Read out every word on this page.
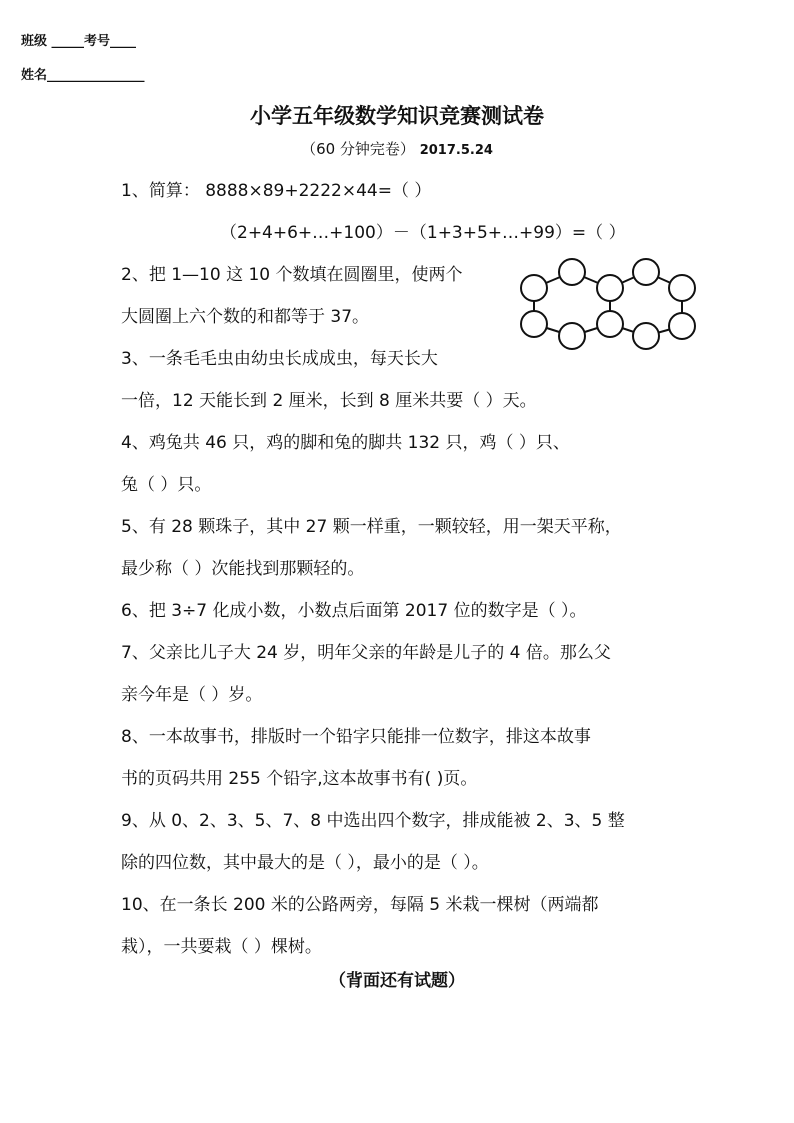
班级 _____考号____
姓名_______________
小学五年级数学知识竞赛测试卷
（60 分钟完卷） 2017.5.24
1、简算： 8888×89+2222×44=（ ）
（2+4+6+…+100）－（1+3+5+…+99）=（ ）
2、把 1—10 这 10 个数填在圆圈里，使两个
大圆圈上六个数的和都等于 37。
3、一条毛毛虫由幼虫长成成虫，每天长大
一倍，12 天能长到 2 厘米，长到 8 厘米共要（ ）天。
4、鸡兔共 46 只，鸡的脚和兔的脚共 132 只，鸡（ ）只、
兔（ ）只。
5、有 28 颗珠子，其中 27 颗一样重，一颗较轻，用一架天平称，
最少称（ ）次能找到那颗轻的。
6、把 3÷7 化成小数，小数点后面第 2017 位的数字是（ ）。
7、父亲比儿子大 24 岁，明年父亲的年龄是儿子的 4 倍。那么父
亲今年是（ ）岁。
8、一本故事书，排版时一个铅字只能排一位数字，排这本故事
书的页码共用 255 个铅字,这本故事书有( )页。
9、从 0、2、3、5、7、8 中选出四个数字，排成能被 2、3、5 整
除的四位数，其中最大的是（ ），最小的是（ ）。
10、在一条长 200 米的公路两旁，每隔 5 米栽一棵树（两端都
栽），一共要栽（ ）棵树。
（背面还有试题）
